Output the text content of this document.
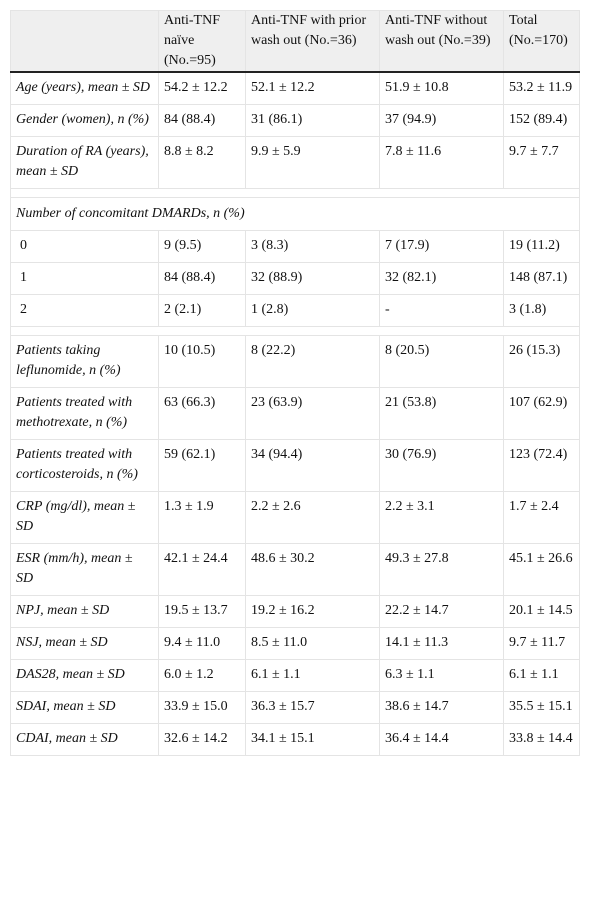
	Anti-TNF naïve (No.=95)	Anti-TNF with prior wash out (No.=36)	Anti-TNF without wash out (No.=39)	Total (No.=170)
Age (years), mean ± SD	54.2 ± 12.2	52.1 ± 12.2	51.9 ± 10.8	53.2 ± 11.9
Gender (women), n (%)	84 (88.4)	31 (86.1)	37 (94.9)	152 (89.4)
Duration of RA (years), mean ± SD	8.8 ± 8.2	9.9 ± 5.9	7.8 ± 11.6	9.7 ± 7.7

Number of concomitant DMARDs, n (%)				
0	9 (9.5)	3 (8.3)	7 (17.9)	19 (11.2)
1	84 (88.4)	32 (88.9)	32 (82.1)	148 (87.1)
2	2 (2.1)	1 (2.8)	-	3 (1.8)

Patients taking leflunomide, n (%)	10 (10.5)	8 (22.2)	8 (20.5)	26 (15.3)
Patients treated with methotrexate, n (%)	63 (66.3)	23 (63.9)	21 (53.8)	107 (62.9)
Patients treated with corticosteroids, n (%)	59 (62.1)	34 (94.4)	30 (76.9)	123 (72.4)
CRP (mg/dl), mean ± SD	1.3 ± 1.9	2.2 ± 2.6	2.2 ± 3.1	1.7 ± 2.4
ESR (mm/h), mean ± SD	42.1 ± 24.4	48.6 ± 30.2	49.3 ± 27.8	45.1 ± 26.6
NPJ, mean ± SD	19.5 ± 13.7	19.2 ± 16.2	22.2 ± 14.7	20.1 ± 14.5
NSJ, mean ± SD	9.4 ± 11.0	8.5 ± 11.0	14.1 ± 11.3	9.7 ± 11.7
DAS28, mean ± SD	6.0 ± 1.2	6.1 ± 1.1	6.3 ± 1.1	6.1 ± 1.1
SDAI, mean ± SD	33.9 ± 15.0	36.3 ± 15.7	38.6 ± 14.7	35.5 ± 15.1
CDAI, mean ± SD	32.6 ± 14.2	34.1 ± 15.1	36.4 ± 14.4	33.8 ± 14.4
